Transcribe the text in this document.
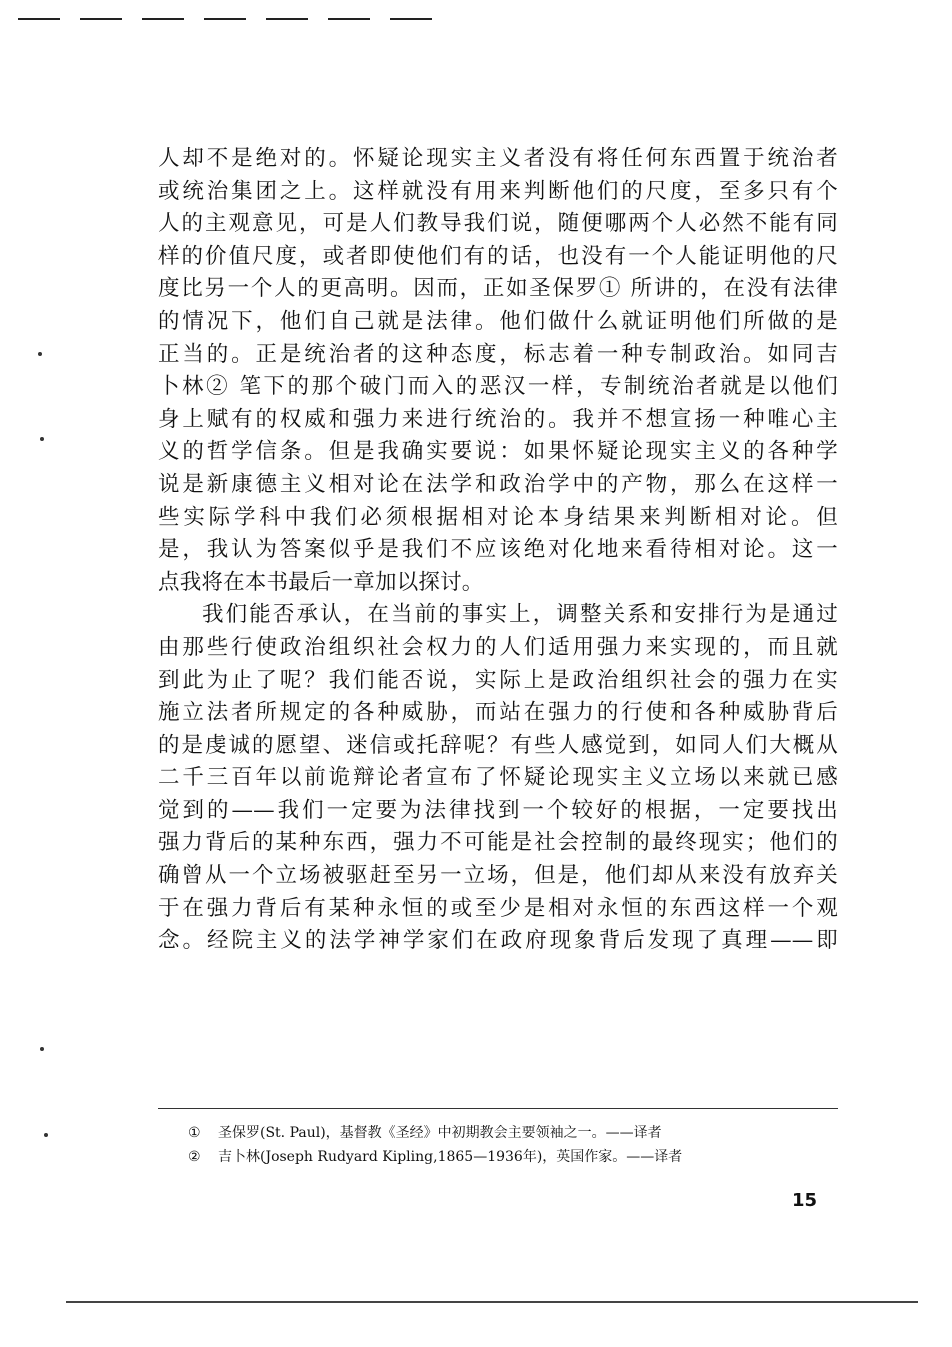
人却不是绝对的。怀疑论现实主义者没有将任何东西置于统治者
或统治集团之上。这样就没有用来判断他们的尺度，至多只有个
人的主观意见，可是人们教导我们说，随便哪两个人必然不能有同
样的价值尺度，或者即使他们有的话，也没有一个人能证明他的尺
度比另一个人的更高明。因而，正如圣保罗① 所讲的，在没有法律
的情况下，他们自己就是法律。他们做什么就证明他们所做的是
正当的。正是统治者的这种态度，标志着一种专制政治。如同吉
卜林② 笔下的那个破门而入的恶汉一样，专制统治者就是以他们
身上赋有的权威和强力来进行统治的。我并不想宣扬一种唯心主
义的哲学信条。但是我确实要说：如果怀疑论现实主义的各种学
说是新康德主义相对论在法学和政治学中的产物，那么在这样一
些实际学科中我们必须根据相对论本身结果来判断相对论。但
是，我认为答案似乎是我们不应该绝对化地来看待相对论。这一
点我将在本书最后一章加以探讨。
我们能否承认，在当前的事实上，调整关系和安排行为是通过
由那些行使政治组织社会权力的人们适用强力来实现的，而且就
到此为止了呢？我们能否说，实际上是政治组织社会的强力在实
施立法者所规定的各种威胁，而站在强力的行使和各种威胁背后
的是虔诚的愿望、迷信或托辞呢？有些人感觉到，如同人们大概从
二千三百年以前诡辩论者宣布了怀疑论现实主义立场以来就已感
觉到的——我们一定要为法律找到一个较好的根据，一定要找出
强力背后的某种东西，强力不可能是社会控制的最终现实；他们的
确曾从一个立场被驱赶至另一立场，但是，他们却从来没有放弃关
于在强力背后有某种永恒的或至少是相对永恒的东西这样一个观
念。经院主义的法学神学家们在政府现象背后发现了真理——即
① 圣保罗(St. Paul)，基督教《圣经》中初期教会主要领袖之一。——译者
② 吉卜林(Joseph Rudyard Kipling,1865—1936年)，英国作家。——译者
15
